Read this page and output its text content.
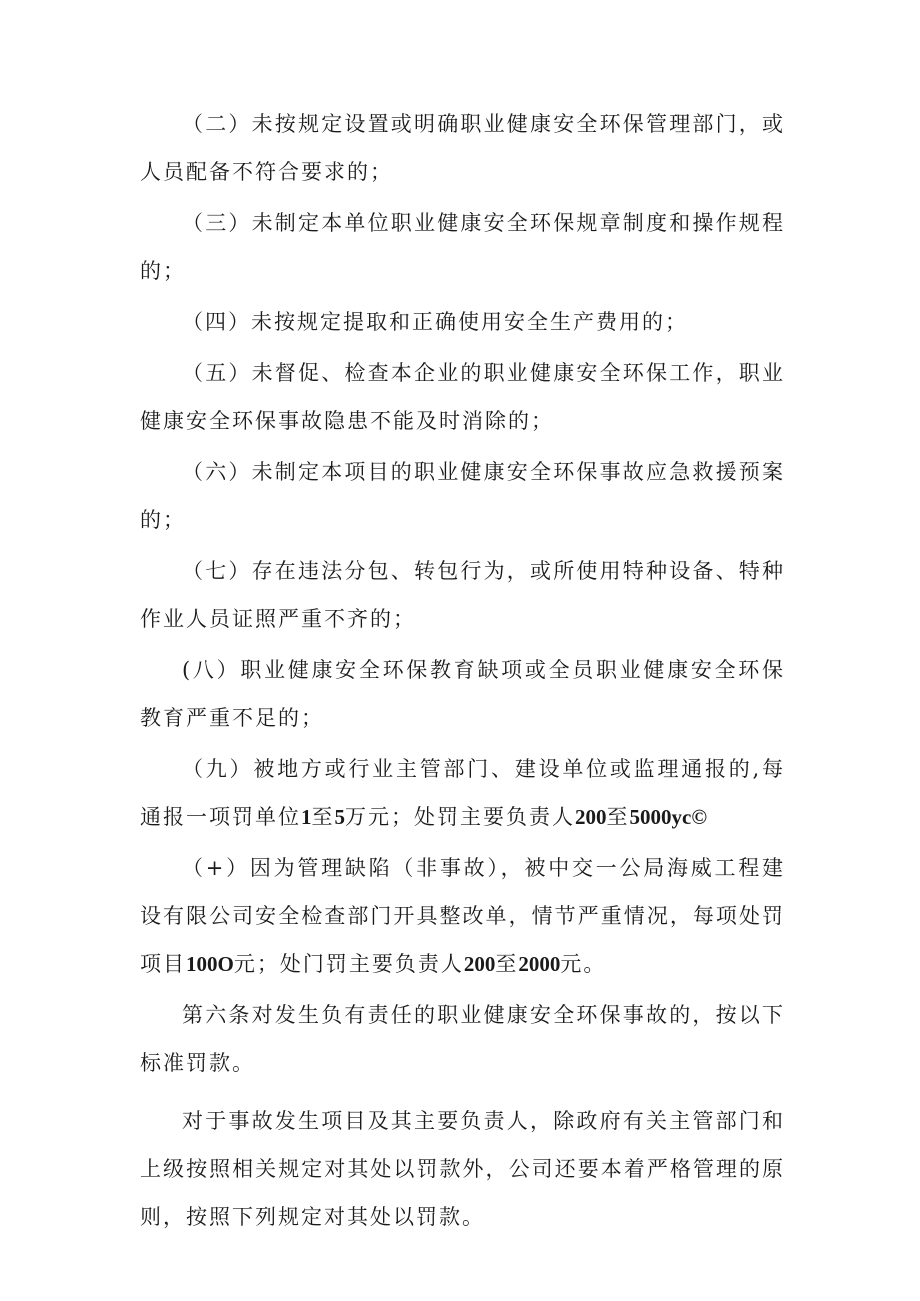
（二）未按规定设置或明确职业健康安全环保管理部门，或人员配备不符合要求的；

（三）未制定本单位职业健康安全环保规章制度和操作规程的；

（四）未按规定提取和正确使用安全生产费用的；

（五）未督促、检查本企业的职业健康安全环保工作，职业健康安全环保事故隐患不能及时消除的；

（六）未制定本项目的职业健康安全环保事故应急救援预案的；

（七）存在违法分包、转包行为，或所使用特种设备、特种作业人员证照严重不齐的；

(八）职业健康安全环保教育缺项或全员职业健康安全环保教育严重不足的；

（九）被地方或行业主管部门、建设单位或监理通报的,每通报一项罚单位1至5万元；处罚主要负责人200至5000yc©

（+）因为管理缺陷（非事故），被中交一公局海威工程建设有限公司安全检查部门开具整改单，情节严重情况，每项处罚项目100O元；处门罚主要负责人200至2000元。

第六条对发生负有责任的职业健康安全环保事故的，按以下标准罚款。

对于事故发生项目及其主要负责人，除政府有关主管部门和上级按照相关规定对其处以罚款外，公司还要本着严格管理的原则，按照下列规定对其处以罚款。
